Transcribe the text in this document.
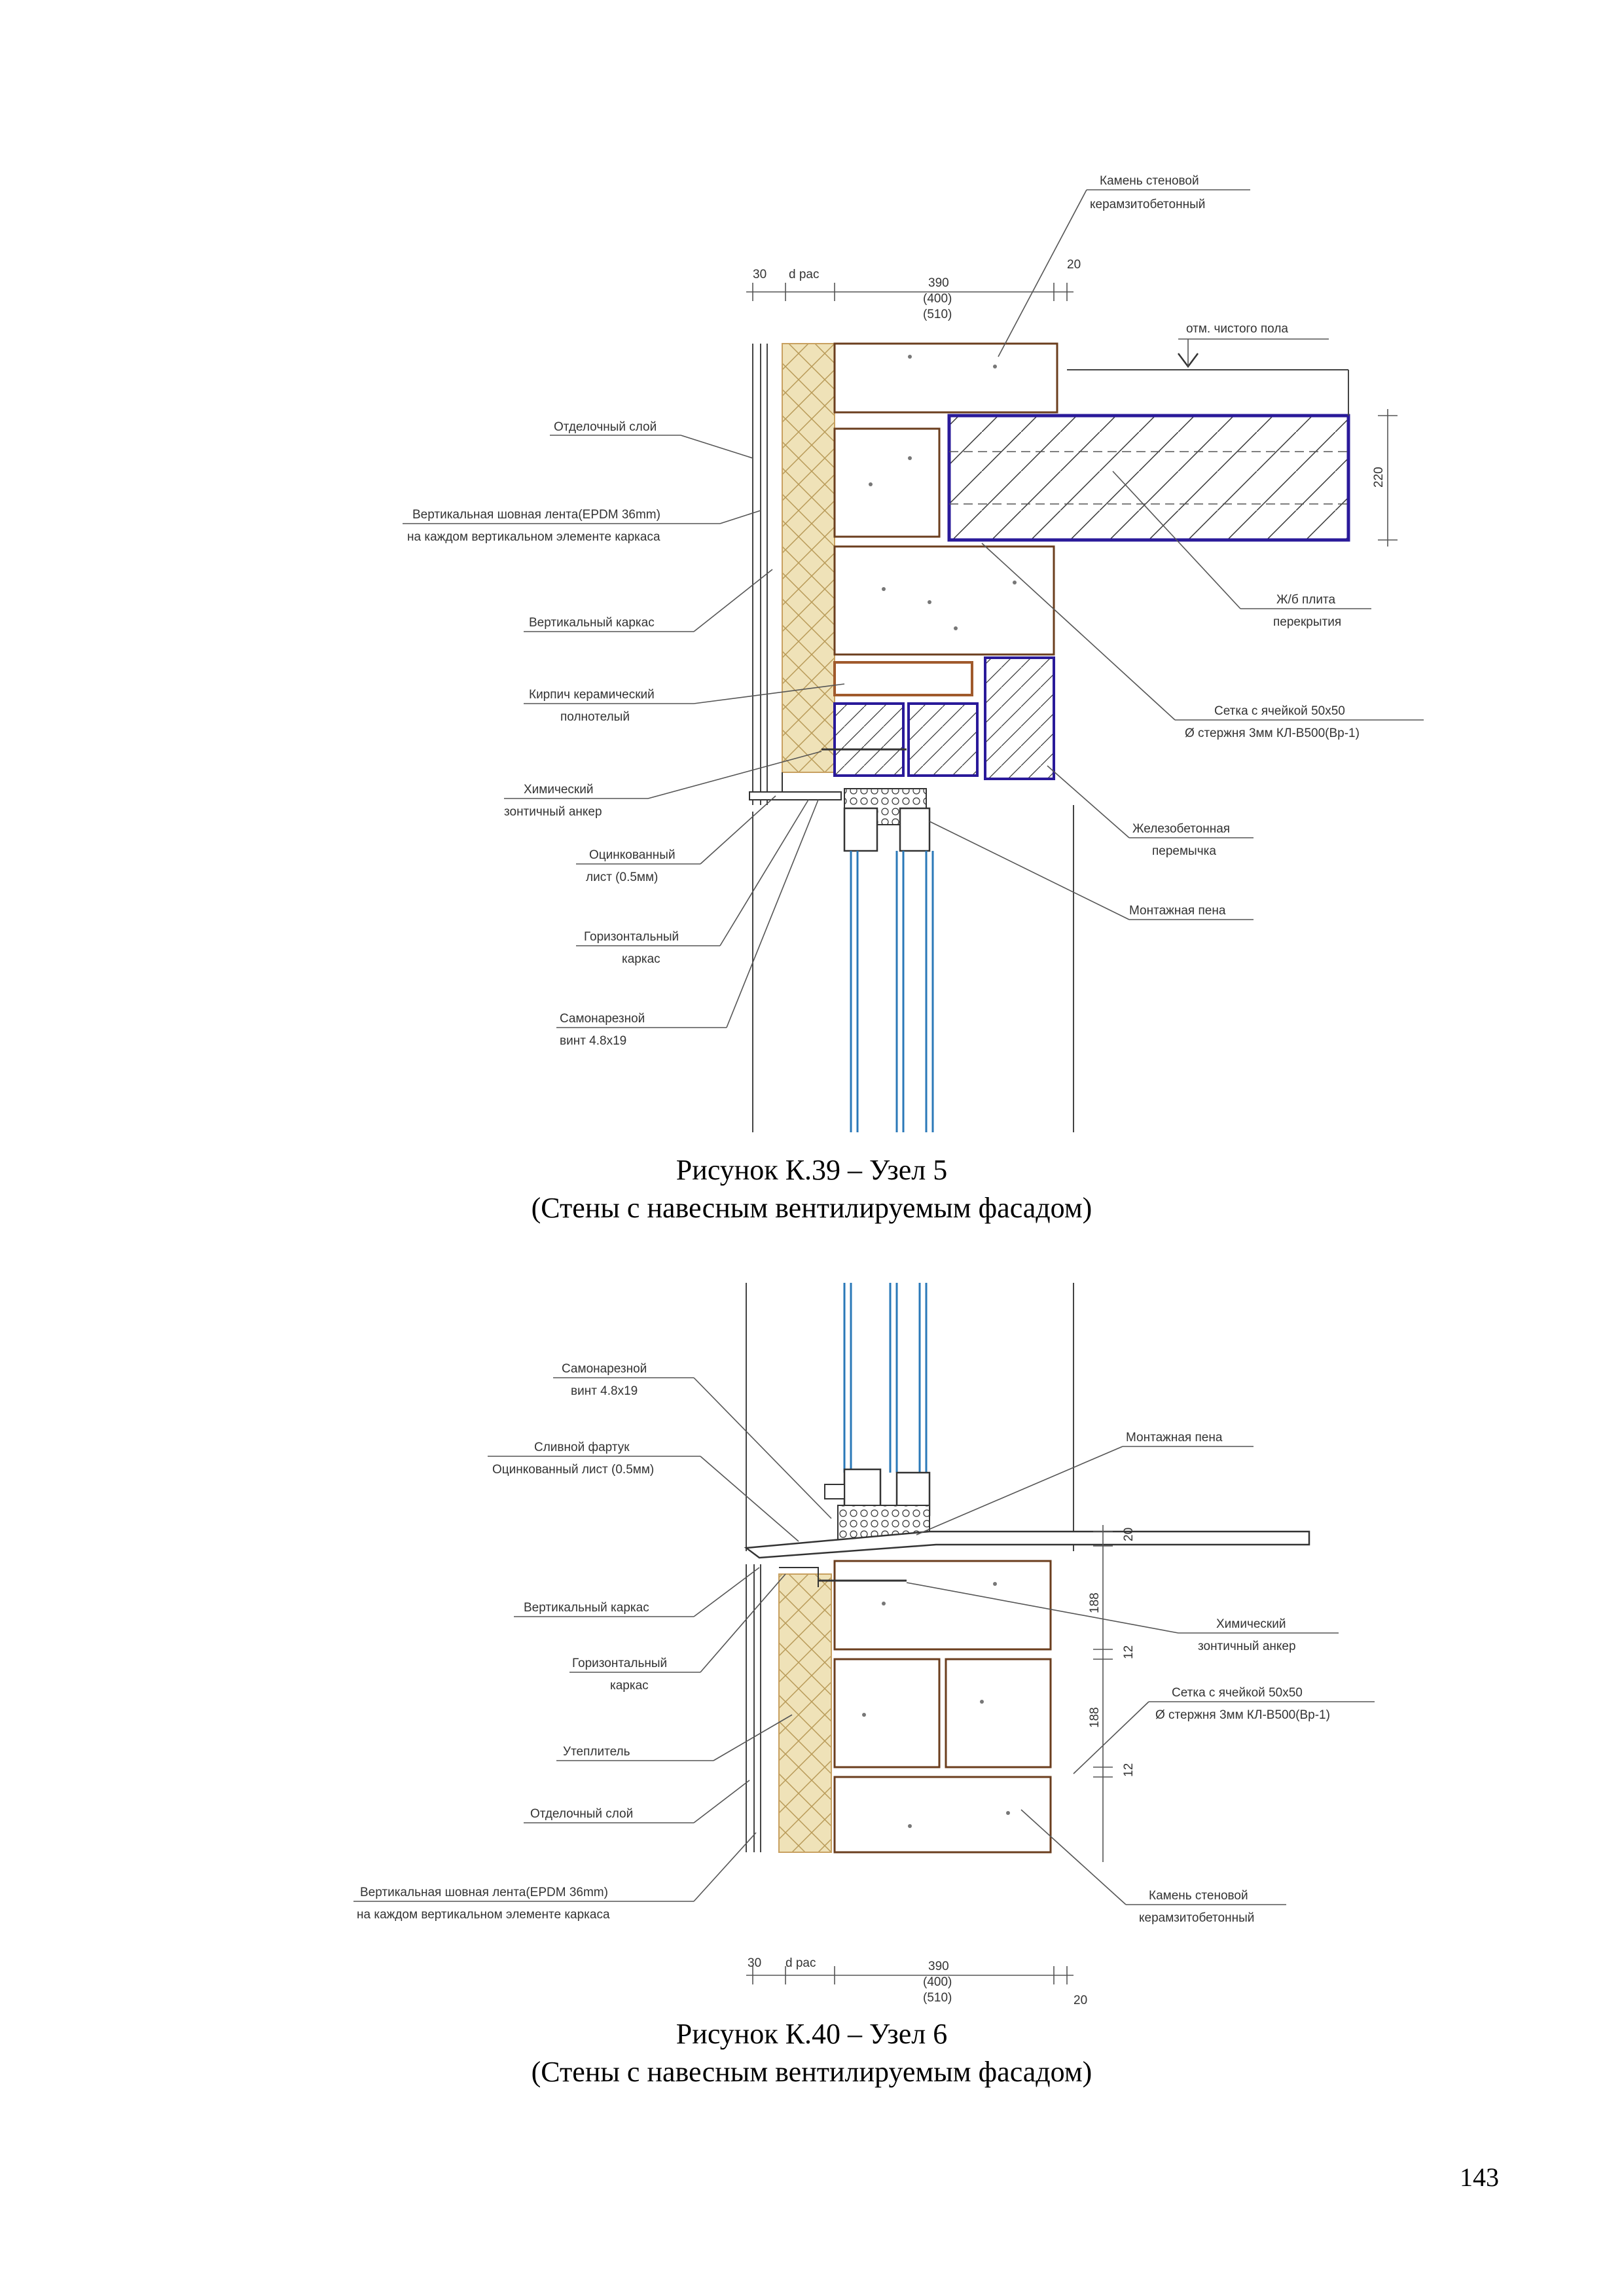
30 d рас
390
(400)
(510)
20
отм. чистого пола
220
Отделочный слой
Вертикальная шовная лента(EPDM 36mm)
на каждом вертикальном элементе каркаса
Вертикальный каркас
Кирпич керамический
полнотелый
Химический
зонтичный анкер
Оцинкованный
лист (0.5мм)
Горизонтальный
каркас
Самонарезной
винт 4.8х19
Камень стеновой
керамзитобетонный
Ж/б плита
перекрытия
Сетка с ячейкой 50х50
Ø стержня 3мм КЛ-В500(Вр-1)
Железобетонная
перемычка
Монтажная пена
Рисунок К.39 – Узел 5
(Стены с навесным вентилируемым фасадом)
20
188
12
188
12
30 d рас	390
(400)
(510)	20
Самонарезной
винт 4.8х19
Сливной фартук
Оцинкованный лист (0.5мм)
Вертикальный каркас
Горизонтальный
каркас
Утеплитель
Отделочный слой
Вертикальная шовная лента(EPDM 36mm)
на каждом вертикальном элементе каркаса
Монтажная пена
Химический
зонтичный анкер
Сетка с ячейкой 50х50
Ø стержня 3мм КЛ-В500(Вр-1)
Камень стеновой
керамзитобетонный
Рисунок К.40 – Узел 6
(Стены с навесным вентилируемым фасадом)
143
